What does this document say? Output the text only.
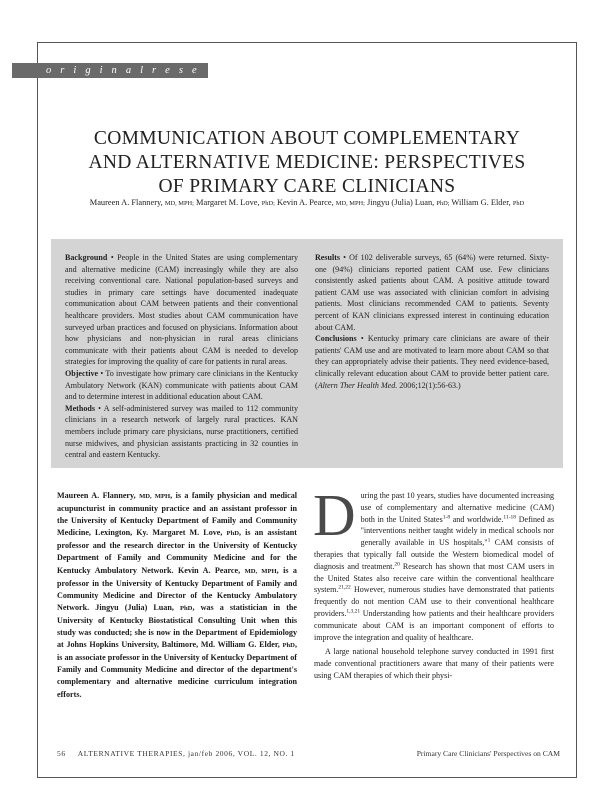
o r i g i n a l r e s e a r c h
COMMUNICATION ABOUT COMPLEMENTARY
AND ALTERNATIVE MEDICINE: PERSPECTIVES
OF PRIMARY CARE CLINICIANS
Maureen A. Flannery, MD, MPH; Margaret M. Love, PhD; Kevin A. Pearce, MD, MPH; Jingyu (Julia) Luan, PhD; William G. Elder, PhD

Background • People in the United States are using complementary and alternative medicine (CAM) increasingly while they are also receiving conventional care. National population-based surveys and studies in primary care settings have documented inadequate communication about CAM between patients and their conventional healthcare providers. Most studies about CAM communication have surveyed urban practices and focused on physicians. Information about how physicians and non-physician in rural areas clinicians communicate with their patients about CAM is needed to develop strategies for improving the quality of care for patients in rural areas.

Objective • To investigate how primary care clinicians in the Kentucky Ambulatory Network (KAN) communicate with patients about CAM and to determine interest in additional education about CAM.

Methods • A self-administered survey was mailed to 112 community clinicians in a research network of largely rural practices. KAN members include primary care physicians, nurse practitioners, certified nurse midwives, and physician assistants practicing in 32 counties in central and eastern Kentucky.

Results • Of 102 deliverable surveys, 65 (64%) were returned. Sixty-one (94%) clinicians reported patient CAM use. Few clinicians consistently asked patients about CAM. A positive attitude toward patient CAM use was associated with clinician comfort in advising patients. Most clinicians recommended CAM to patients. Seventy percent of KAN clinicians expressed interest in continuing education about CAM.

Conclusions • Kentucky primary care clinicians are aware of their patients' CAM use and are motivated to learn more about CAM so that they can appropriately advise their patients. They need evidence-based, clinically relevant education about CAM to provide better patient care. (Altern Ther Health Med. 2006;12(1):56-63.)

Maureen A. Flannery, MD, MPH, is a family physician and medical acupuncturist in community practice and an assistant professor in the University of Kentucky Department of Family and Community Medicine, Lexington, Ky. Margaret M. Love, PhD, is an assistant professor and the research director in the University of Kentucky Department of Family and Community Medicine and for the Kentucky Ambulatory Network. Kevin A. Pearce, MD, MPH, is a professor in the University of Kentucky Department of Family and Community Medicine and Director of the Kentucky Ambulatory Network. Jingyu (Julia) Luan, PhD, was a statistician in the University of Kentucky Biostatistical Consulting Unit when this study was conducted; she is now in the Department of Epidemiology at Johns Hopkins University, Baltimore, Md. William G. Elder, PhD, is an associate professor in the University of Kentucky Department of Family and Community Medicine and director of the department's complementary and alternative medicine curriculum integration efforts.

During the past 10 years, studies have documented increasing use of complementary and alternative medicine (CAM) both in the United States$^{1-8}$ and worldwide.$^{11-18}$ Defined as "interventions neither taught widely in medical schools nor generally available in US hospitals,"$^1$ CAM consists of therapies that typically fall outside the Western biomedical model of diagnosis and treatment.$^{20}$ Research has shown that most CAM users in the United States also receive care within the conventional healthcare system.$^{21,22}$ However, numerous studies have demonstrated that patients frequently do not mention CAM use to their conventional healthcare providers.$^{1,3,21}$ Understanding how patients and their healthcare providers communicate about CAM is an important component of efforts to improve the integration and quality of healthcare.

A large national household telephone survey conducted in 1991 first made conventional practitioners aware that many of their patients were using CAM therapies of which their physi-

56 ALTERNATIVE THERAPIES, jan/feb 2006, VOL. 12, NO. 1	Primary Care Clinicians' Perspectives on CAM
